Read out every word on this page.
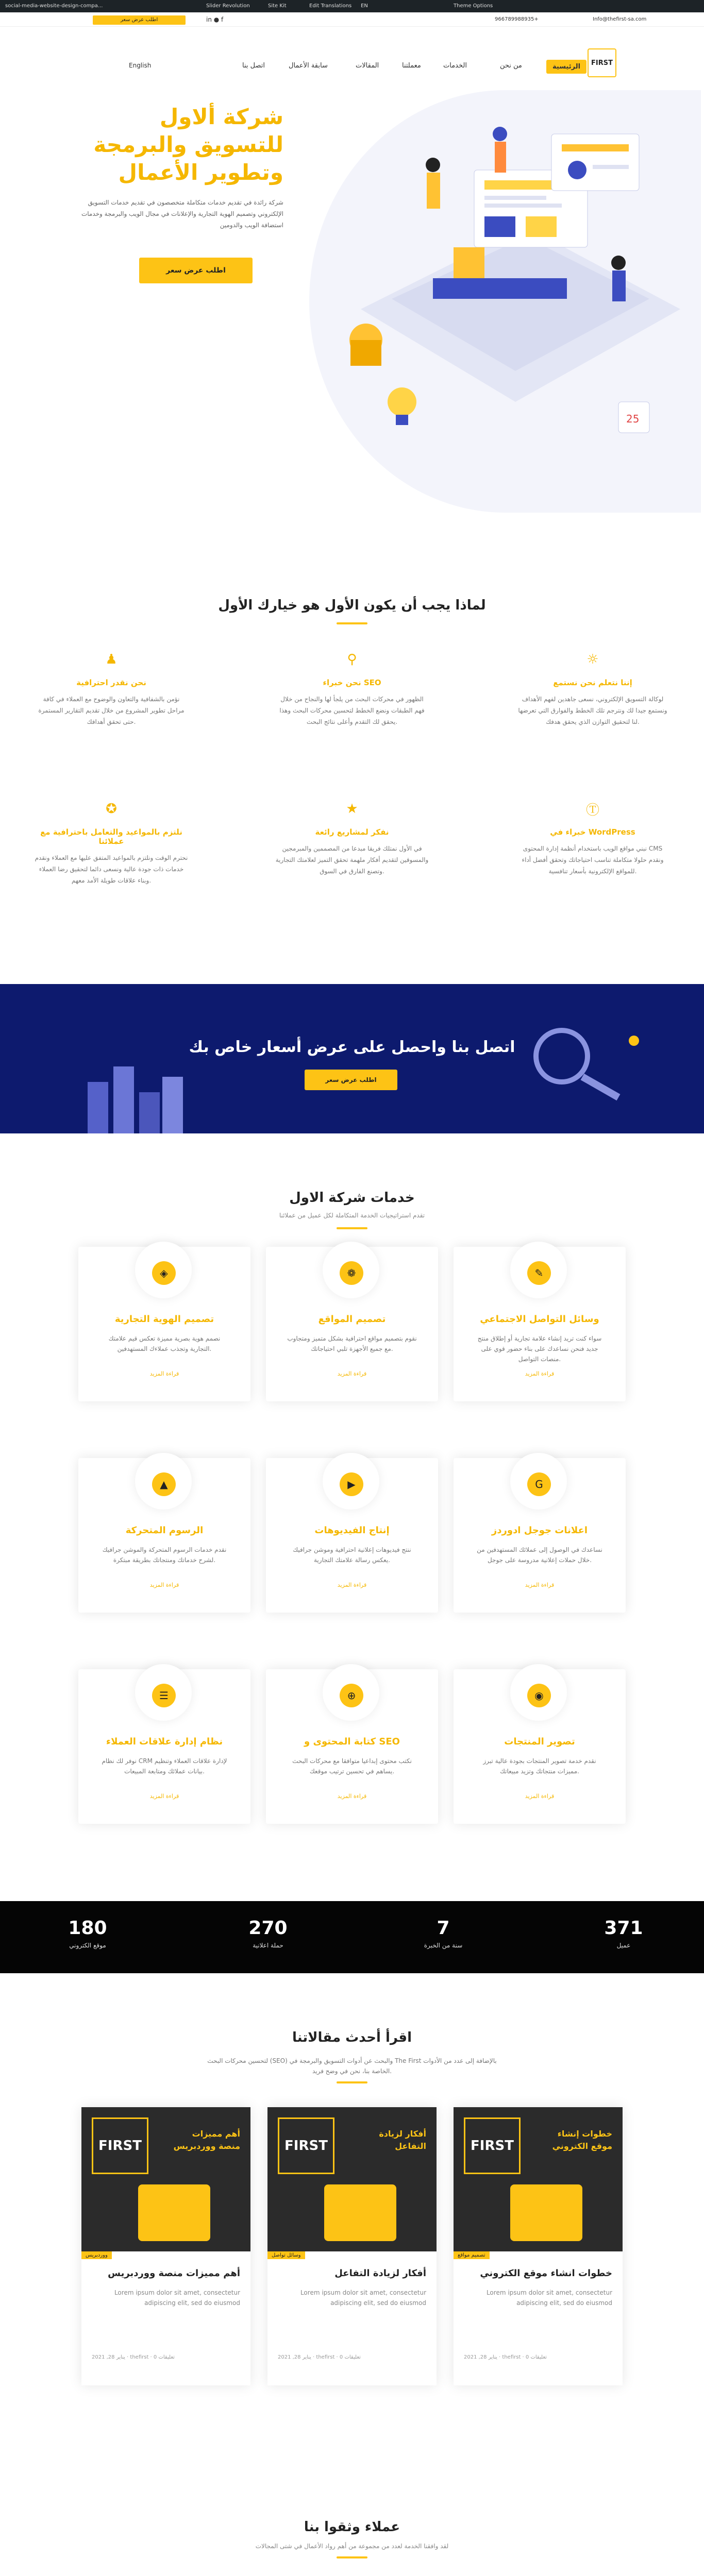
social-media-website-design-compa...	Theme Options
EN
Edit Translations
Site Kit
Slider Revolution
اطلب عرض سعر	in ● f	966789988935+	Info@thefirst-sa.com
FIRST
الرئيسية
من نحن
الخدمات
معملتنا
المقالات
سابقة الأعمال
اتصل بنا
English
شركة ألاول
للتسويق والبرمجة
وتطوير الأعمال
شركة رائدة في تقديم خدمات متكاملة متخصصون في تقديم خدمات التسويق الإلكتروني وتصميم الهوية التجارية والإعلانات في مجال الويب والبرمجة وخدمات استضافة الويب والدومين
اطلب عرض سعر
25
لماذا يجب أن يكون الأول هو خيارك الأول
☼
إننا نتعلم نحن نستمع
لوكالة التسويق الإلكتروني، نسعى جاهدين لفهم الأهداف ونستمع جيدا لك ونترجم تلك الخطط والفوارق التي تعرضها لنا لتحقيق التوازن الذي يحقق هدفك.
⚲
نحن خبراء SEO
الظهور في محركات البحث من يلجأ لها والنجاح من خلال فهم الطبقات ونضع الخطط لتحسين محركات البحث وهذا يحقق لك التقدم وأعلى نتائج البحث.
♟
نحن نقدر احترافية
نؤمن بالشفافية والتعاون والوضوح مع العملاء في كافة مراحل تطوير المشروع من خلال تقديم التقارير المستمرة حتى تحقق أهدافك.
Ⓣ
خبراء في WordPress
نبني مواقع الويب باستخدام أنظمة إدارة المحتوى CMS ونقدم حلولا متكاملة تناسب احتياجاتك وتحقق أفضل أداء للمواقع الإلكترونية بأسعار تنافسية.
★
نفكر لمشاريع رائعة
في الأول نمتلك فريقا مبدعا من المصممين والمبرمجين والمسوقين لتقديم أفكار ملهمة تحقق التميز لعلامتك التجارية وتصنع الفارق في السوق.
✪
نلتزم بالمواعيد والتعامل باحترافية مع عملائنا
نحترم الوقت ونلتزم بالمواعيد المتفق عليها مع العملاء ونقدم خدمات ذات جودة عالية ونسعى دائما لتحقيق رضا العملاء وبناء علاقات طويلة الأمد معهم.
اتصل بنا واحصل على عرض أسعار خاص بك
اطلب عرض سعر
خدمات شركة الاول
تقدم استراتيجيات الخدمة المتكاملة لكل عميل من عملائنا
✎
وسائل التواصل الاجتماعي
سواء كنت تريد إنشاء علامة تجارية أو إطلاق منتج جديد فنحن نساعدك على بناء حضور قوي على منصات التواصل.
قراءة المزيد
❁
تصميم المواقع
نقوم بتصميم مواقع احترافية بشكل متميز ومتجاوب مع جميع الأجهزة تلبي احتياجاتك.
قراءة المزيد
◈
تصميم الهوية التجارية
نصمم هوية بصرية مميزة تعكس قيم علامتك التجارية وتجذب عملاءك المستهدفين.
قراءة المزيد
G
اعلانات جوجل ادوردز
نساعدك في الوصول إلى عملائك المستهدفين من خلال حملات إعلانية مدروسة على جوجل.
قراءة المزيد
▶
إنتاج الفيديوهات
ننتج فيديوهات إعلانية احترافية وموشن جرافيك يعكس رسالة علامتك التجارية.
قراءة المزيد
▲
الرسوم المتحركة
نقدم خدمات الرسوم المتحركة والموشن جرافيك لشرح خدماتك ومنتجاتك بطريقة مبتكرة.
قراءة المزيد
◉
تصوير المنتجات
نقدم خدمة تصوير المنتجات بجودة عالية تبرز مميزات منتجاتك وتزيد مبيعاتك.
قراءة المزيد
⊕
كتابة المحتوى و SEO
نكتب محتوى إبداعيا متوافقا مع محركات البحث يساهم في تحسين ترتيب موقعك.
قراءة المزيد
☰
نظام إدارة علاقات العملاء
نوفر لك نظام CRM لإدارة علاقات العملاء وتنظيم بيانات عملائك ومتابعة المبيعات.
قراءة المزيد
371
عميل
7
سنة من الخبرة
270
حملة اعلانية
180
موقع الكتروني
اقرأ أحدث مقالاتنا
لتحسين محركات البحث (SEO) والبحث عن أدوات التسويق والبرمجة في The First بالإضافة إلى عدد من الأدوات الخاصة بنا، نحن في وضح فريد.
FIRST
خطوات إنشاء موقع الكتروني
تصميم مواقع
خطوات انشاء موقع الكتروني
Lorem ipsum dolor sit amet, consectetur adipiscing elit, sed do eiusmod
2021 ,28 يناير · thefirst · 0 تعليقات
FIRST
أفكار لزيادة التفاعل
وسائل تواصل
أفكار لزيادة التفاعل
Lorem ipsum dolor sit amet, consectetur adipiscing elit, sed do eiusmod
2021 ,28 يناير · thefirst · 0 تعليقات
FIRST
أهم مميزات منصة ووردبريس
ووردبريس
أهم مميزات منصة ووردبريس
Lorem ipsum dolor sit amet, consectetur adipiscing elit, sed do eiusmod
2021 ,28 يناير · thefirst · 0 تعليقات
عملاء وثقوا بنا
لقد وافقنا الخدمة لعدد من مجموعة من أهم رواد الأعمال في شتى المجالات
